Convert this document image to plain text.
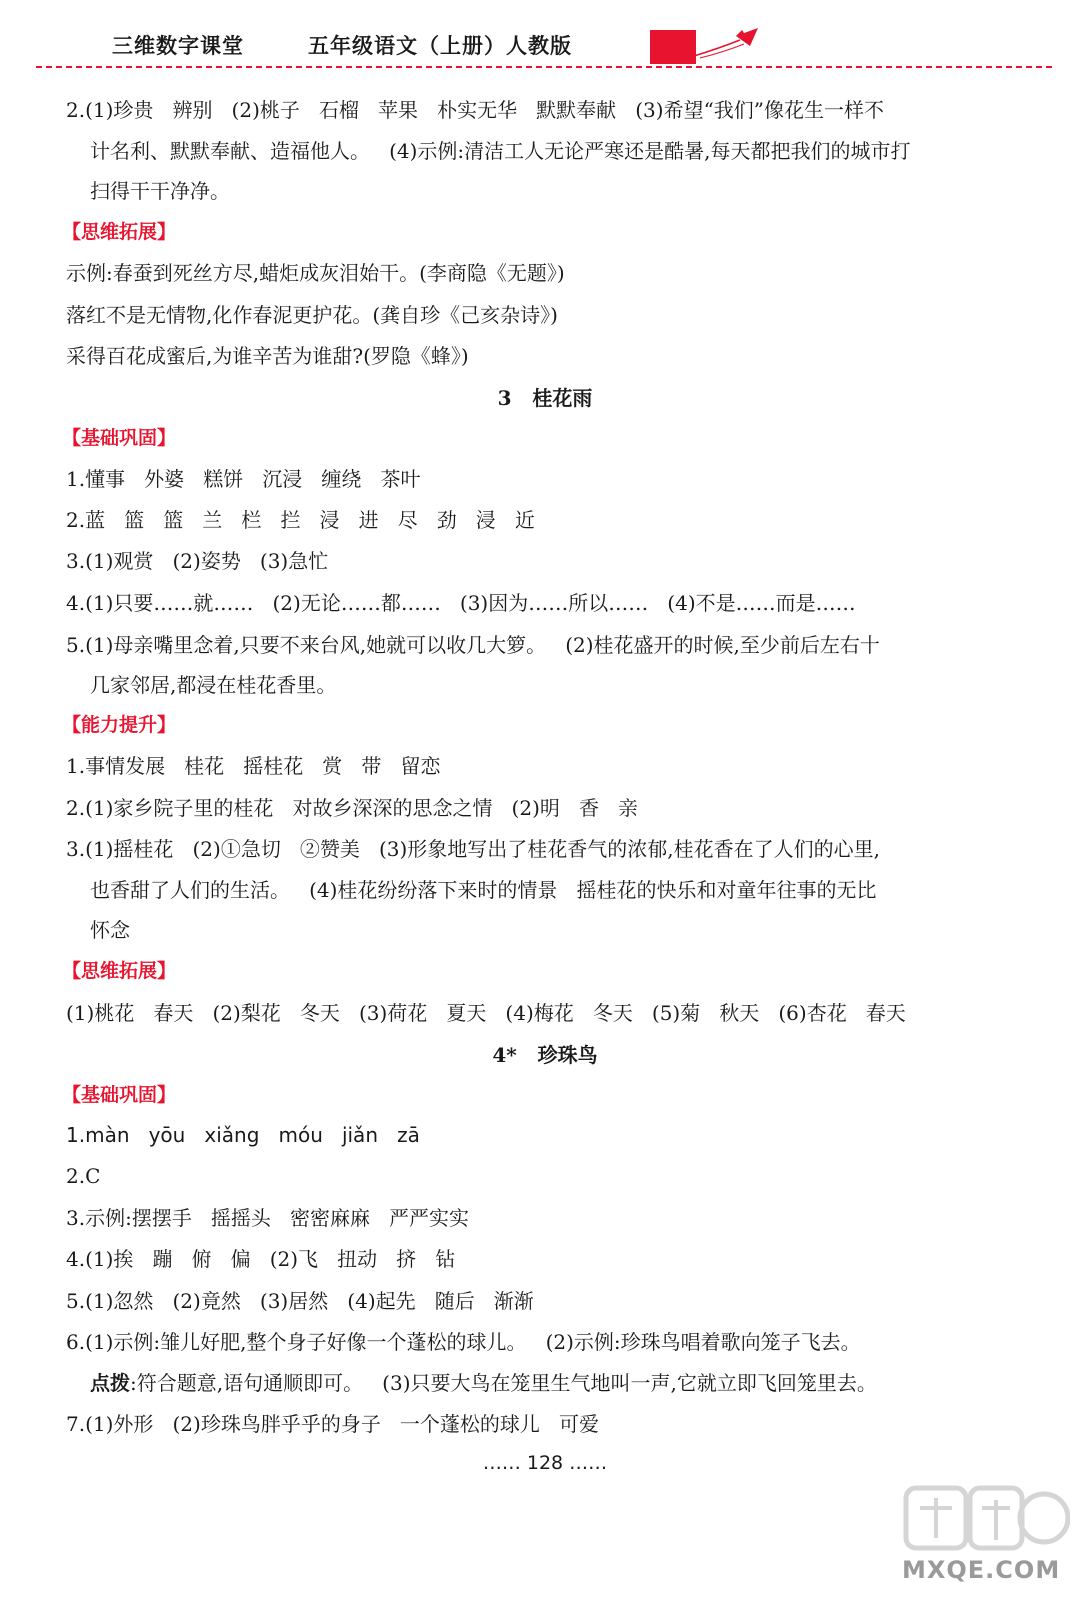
三维数字课堂	五年级语文（上册）人教版
2.(1)珍贵   辨别   (2)桃子   石榴   苹果   朴实无华   默默奉献   (3)希望“我们”像花生一样不
计名利、默默奉献、造福他人。   (4)示例:清洁工人无论严寒还是酷暑,每天都把我们的城市打
扫得干干净净。
【思维拓展】
示例:春蚕到死丝方尽,蜡炬成灰泪始干。(李商隐《无题》)
落红不是无情物,化作春泥更护花。(龚自珍《己亥杂诗》)
采得百花成蜜后,为谁辛苦为谁甜?(罗隐《蜂》)
3   桂花雨
【基础巩固】
1.懂事   外婆   糕饼   沉浸   缠绕   茶叶
2.蓝   篮   篮   兰   栏   拦   浸   进   尽   劲   浸   近
3.(1)观赏   (2)姿势   (3)急忙
4.(1)只要……就……   (2)无论……都……   (3)因为……所以……   (4)不是……而是……
5.(1)母亲嘴里念着,只要不来台风,她就可以收几大箩。   (2)桂花盛开的时候,至少前后左右十
几家邻居,都浸在桂花香里。
【能力提升】
1.事情发展   桂花   摇桂花   赏   带   留恋
2.(1)家乡院子里的桂花   对故乡深深的思念之情   (2)明   香   亲
3.(1)摇桂花   (2)①急切   ②赞美   (3)形象地写出了桂花香气的浓郁,桂花香在了人们的心里,
也香甜了人们的生活。   (4)桂花纷纷落下来时的情景   摇桂花的快乐和对童年往事的无比
怀念
【思维拓展】
(1)桃花   春天   (2)梨花   冬天   (3)荷花   夏天   (4)梅花   冬天   (5)菊   秋天   (6)杏花   春天
4*   珍珠鸟
【基础巩固】
1.màn   yōu   xiǎng   móu   jiǎn   zā
2.C
3.示例:摆摆手   摇摇头   密密麻麻   严严实实
4.(1)挨   蹦   俯   偏   (2)飞   扭动   挤   钻
5.(1)忽然   (2)竟然   (3)居然   (4)起先   随后   渐渐
6.(1)示例:雏儿好肥,整个身子好像一个蓬松的球儿。   (2)示例:珍珠鸟唱着歌向笼子飞去。
点拨:符合题意,语句通顺即可。   (3)只要大鸟在笼里生气地叫一声,它就立即飞回笼里去。
7.(1)外形   (2)珍珠鸟胖乎乎的身子   一个蓬松的球儿   可爱
…… 128 ……
MXQE.COM
